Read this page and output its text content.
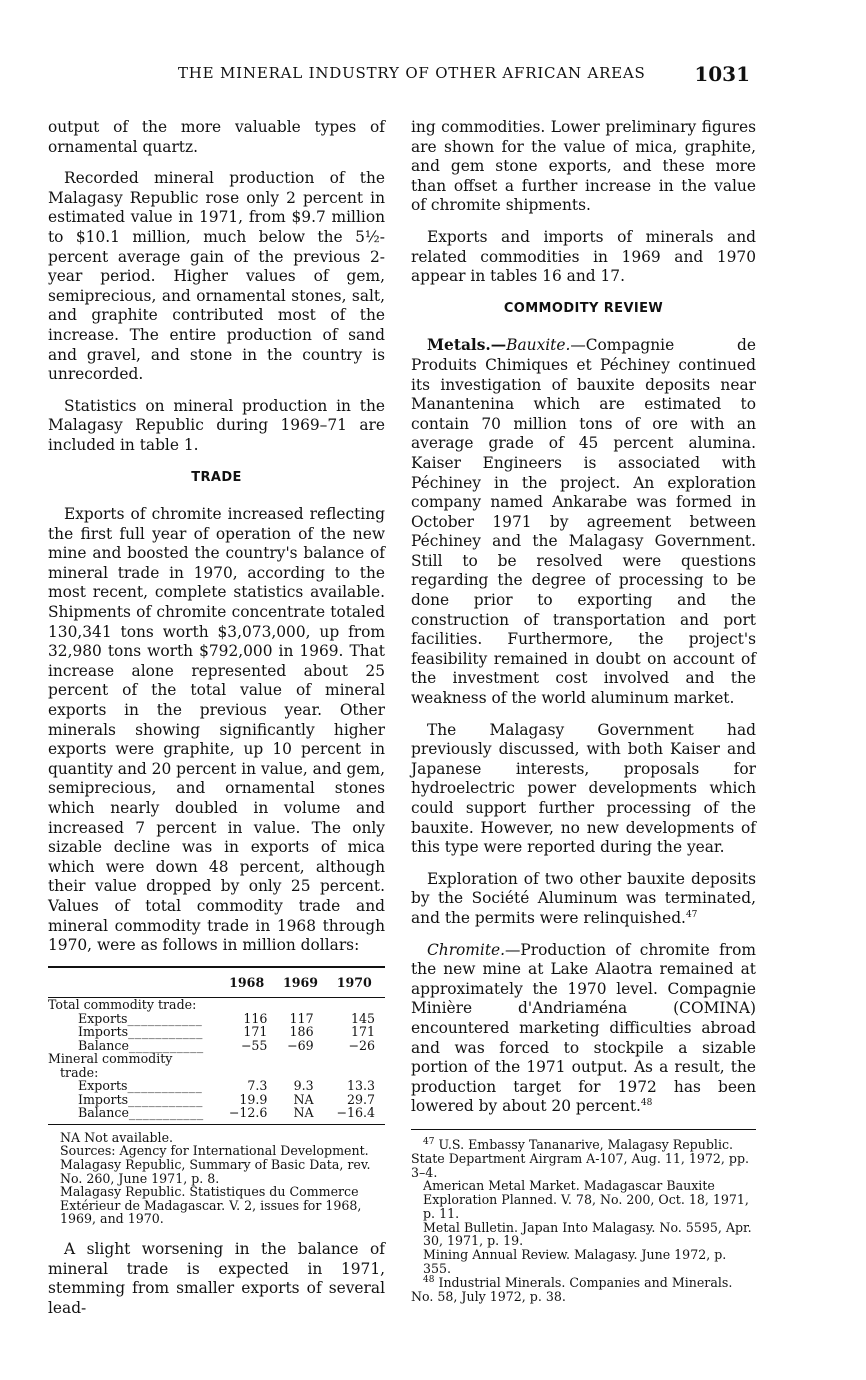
THE MINERAL INDUSTRY OF OTHER AFRICAN AREAS	1031

output of the more valuable types of ornamental quartz.

Recorded mineral production of the Malagasy Republic rose only 2 percent in estimated value in 1971, from $9.7 million to $10.1 million, much below the 5½-percent average gain of the previous 2-year period. Higher values of gem, semiprecious, and ornamental stones, salt, and graphite contributed most of the increase. The entire production of sand and gravel, and stone in the country is unrecorded.

Statistics on mineral production in the Malagasy Republic during 1969–71 are included in table 1.

TRADE

Exports of chromite increased reflecting the first full year of operation of the new mine and boosted the country's balance of mineral trade in 1970, according to the most recent, complete statistics available. Shipments of chromite concentrate totaled 130,341 tons worth $3,073,000, up from 32,980 tons worth $792,000 in 1969. That increase alone represented about 25 percent of the total value of mineral exports in the previous year. Other minerals showing significantly higher exports were graphite, up 10 percent in quantity and 20 percent in value, and gem, semiprecious, and ornamental stones which nearly doubled in volume and increased 7 percent in value. The only sizable decline was in exports of mica which were down 48 percent, although their value dropped by only 25 percent. Values of total commodity trade and mineral commodity trade in 1968 through 1970, were as follows in million dollars:

	1968	1969	1970

Total commodity trade:			
Exports___________	116	117	145
Imports___________	171	186	171
Balance___________	−55	−69	−26
Mineral commodity			
trade:			
Exports___________	7.3	9.3	13.3
Imports___________	19.9	NA	29.7
Balance___________	−12.6	NA	−16.4
NA Not available.
Sources: Agency for International Development. Malagasy Republic, Summary of Basic Data, rev. No. 260, June 1971, p. 8.
Malagasy Republic. Statistiques du Commerce Extérieur de Madagascar. V. 2, issues for 1968, 1969, and 1970.

A slight worsening in the balance of mineral trade is expected in 1971, stemming from smaller exports of several lead-

ing commodities. Lower preliminary figures are shown for the value of mica, graphite, and gem stone exports, and these more than offset a further increase in the value of chromite shipments.

Exports and imports of minerals and related commodities in 1969 and 1970 appear in tables 16 and 17.

COMMODITY REVIEW

Metals.—Bauxite.—Compagnie de Produits Chimiques et Péchiney continued its investigation of bauxite deposits near Manantenina which are estimated to contain 70 million tons of ore with an average grade of 45 percent alumina. Kaiser Engineers is associated with Péchiney in the project. An exploration company named Ankarabe was formed in October 1971 by agreement between Péchiney and the Malagasy Government. Still to be resolved were questions regarding the degree of processing to be done prior to exporting and the construction of transportation and port facilities. Furthermore, the project's feasibility remained in doubt on account of the investment cost involved and the weakness of the world aluminum market.

The Malagasy Government had previously discussed, with both Kaiser and Japanese interests, proposals for hydroelectric power developments which could support further processing of the bauxite. However, no new developments of this type were reported during the year.

Exploration of two other bauxite deposits by the Société Aluminum was terminated, and the permits were relinquished.$^{47}$

Chromite.—Production of chromite from the new mine at Lake Alaotra remained at approximately the 1970 level. Compagnie Minière d'Andriaména (COMINA) encountered marketing difficulties abroad and was forced to stockpile a sizable portion of the 1971 output. As a result, the production target for 1972 has been lowered by about 20 percent.$^{48}$

$^{47}$ U.S. Embassy Tananarive, Malagasy Republic. State Department Airgram A-107, Aug. 11, 1972, pp. 3–4.
American Metal Market. Madagascar Bauxite Exploration Planned. V. 78, No. 200, Oct. 18, 1971, p. 11.
Metal Bulletin. Japan Into Malagasy. No. 5595, Apr. 30, 1971, p. 19.
Mining Annual Review. Malagasy. June 1972, p. 355.
$^{48}$ Industrial Minerals. Companies and Minerals. No. 58, July 1972, p. 38.
